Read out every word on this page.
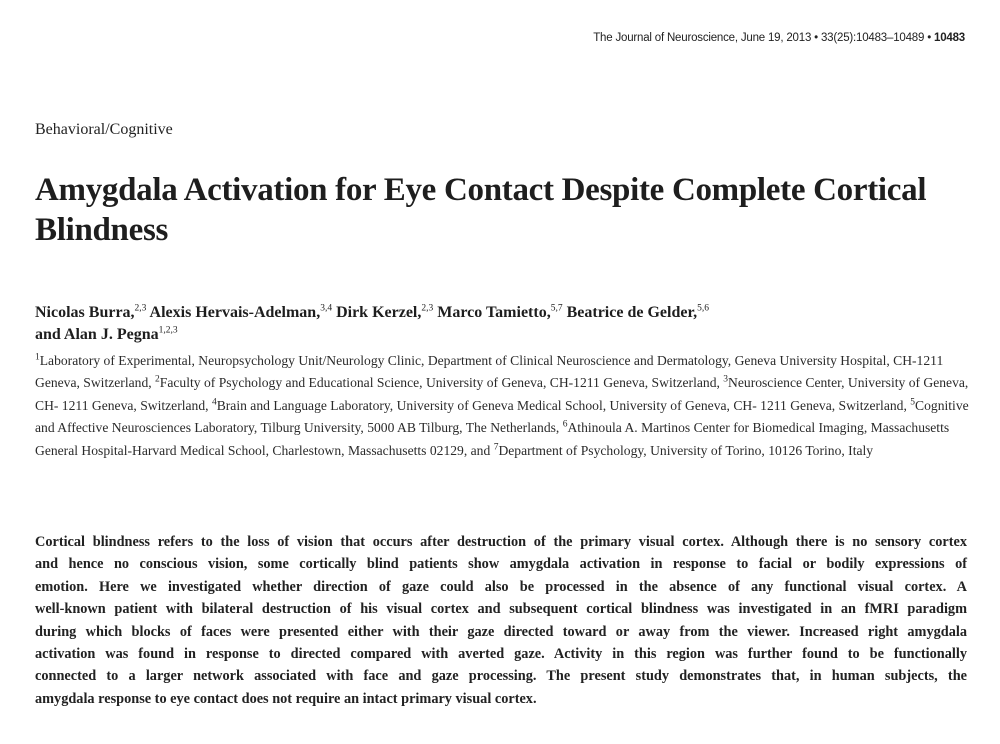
The Journal of Neuroscience, June 19, 2013 • 33(25):10483–10489 • 10483
Behavioral/Cognitive
Amygdala Activation for Eye Contact Despite Complete Cortical Blindness
Nicolas Burra,$^{2,3}$ Alexis Hervais-Adelman,$^{3,4}$ Dirk Kerzel,$^{2,3}$ Marco Tamietto,$^{5,7}$ Beatrice de Gelder,$^{5,6}$
and Alan J. Pegna$^{1,2,3}$
$^1$Laboratory of Experimental, Neuropsychology Unit/Neurology Clinic, Department of Clinical Neuroscience and Dermatology, Geneva University Hospital, CH-1211 Geneva, Switzerland, $^2$Faculty of Psychology and Educational Science, University of Geneva, CH-1211 Geneva, Switzerland, $^3$Neuroscience Center, University of Geneva, CH- 1211 Geneva, Switzerland, $^4$Brain and Language Laboratory, University of Geneva Medical School, University of Geneva, CH- 1211 Geneva, Switzerland, $^5$Cognitive and Affective Neurosciences Laboratory, Tilburg University, 5000 AB Tilburg, The Netherlands, $^6$Athinoula A. Martinos Center for Biomedical Imaging, Massachusetts General Hospital-Harvard Medical School, Charlestown, Massachusetts 02129, and $^7$Department of Psychology, University of Torino, 10126 Torino, Italy
Cortical blindness refers to the loss of vision that occurs after destruction of the primary visual cortex. Although there is no sensory cortex
and hence no conscious vision, some cortically blind patients show amygdala activation in response to facial or bodily expressions of
emotion. Here we investigated whether direction of gaze could also be processed in the absence of any functional visual cortex. A
well-known patient with bilateral destruction of his visual cortex and subsequent cortical blindness was investigated in an fMRI paradigm
during which blocks of faces were presented either with their gaze directed toward or away from the viewer. Increased right amygdala
activation was found in response to directed compared with averted gaze. Activity in this region was further found to be functionally
connected to a larger network associated with face and gaze processing. The present study demonstrates that, in human subjects, the
amygdala response to eye contact does not require an intact primary visual cortex.
